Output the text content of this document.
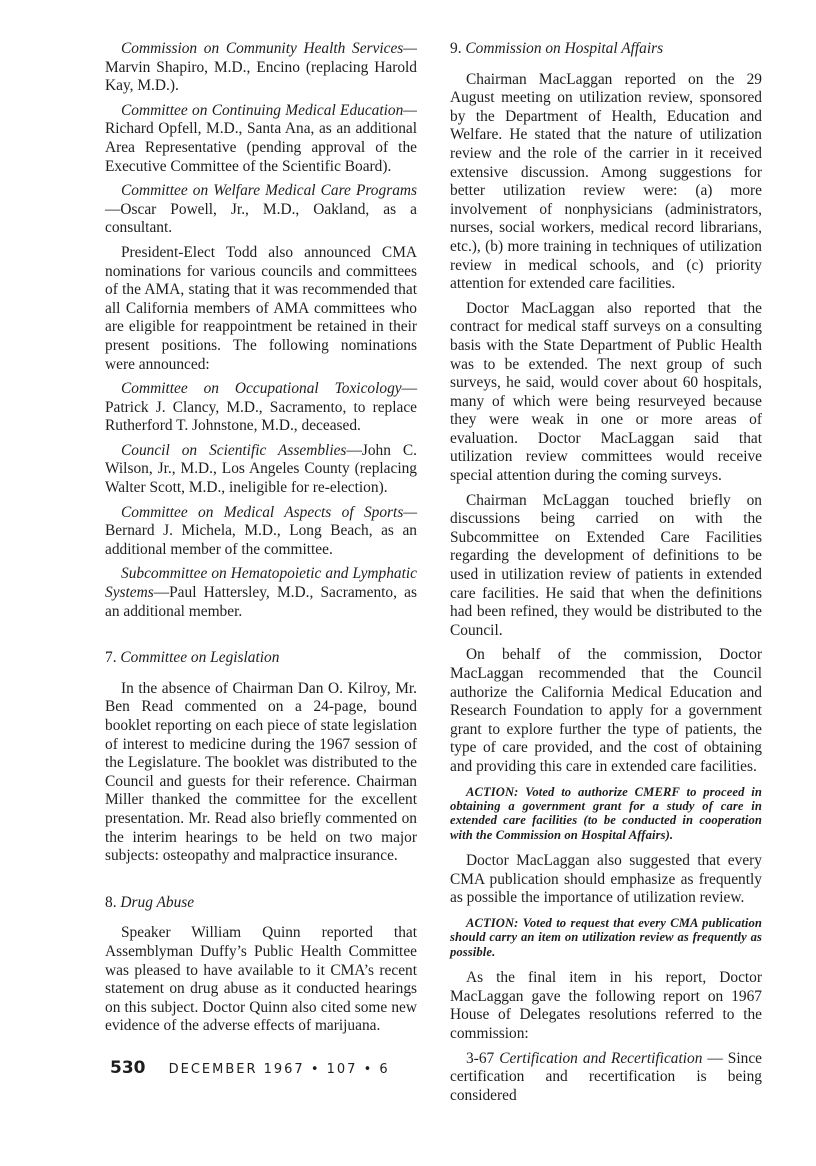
Commission on Community Health Services—Marvin Shapiro, M.D., Encino (replacing Harold Kay, M.D.).
Committee on Continuing Medical Education—Richard Opfell, M.D., Santa Ana, as an additional Area Representative (pending approval of the Executive Committee of the Scientific Board).
Committee on Welfare Medical Care Programs—Oscar Powell, Jr., M.D., Oakland, as a consultant.

President-Elect Todd also announced CMA nominations for various councils and committees of the AMA, stating that it was recommended that all California members of AMA committees who are eligible for reappointment be retained in their present positions. The following nominations were announced:

Committee on Occupational Toxicology—Patrick J. Clancy, M.D., Sacramento, to replace Rutherford T. Johnstone, M.D., deceased.
Council on Scientific Assemblies—John C. Wilson, Jr., M.D., Los Angeles County (replacing Walter Scott, M.D., ineligible for re-election).
Committee on Medical Aspects of Sports—Bernard J. Michela, M.D., Long Beach, as an additional member of the committee.
Subcommittee on Hematopoietic and Lymphatic Systems—Paul Hattersley, M.D., Sacramento, as an additional member.
7. Committee on Legislation

In the absence of Chairman Dan O. Kilroy, Mr. Ben Read commented on a 24-page, bound booklet reporting on each piece of state legislation of interest to medicine during the 1967 session of the Legislature. The booklet was distributed to the Council and guests for their reference. Chairman Miller thanked the committee for the excellent presentation. Mr. Read also briefly commented on the interim hearings to be held on two major subjects: osteopathy and malpractice insurance.

8. Drug Abuse

Speaker William Quinn reported that Assemblyman Duffy’s Public Health Committee was pleased to have available to it CMA’s recent statement on drug abuse as it conducted hearings on this subject. Doctor Quinn also cited some new evidence of the adverse effects of marijuana.

9. Commission on Hospital Affairs

Chairman MacLaggan reported on the 29 August meeting on utilization review, sponsored by the Department of Health, Education and Welfare. He stated that the nature of utilization review and the role of the carrier in it received extensive discussion. Among suggestions for better utilization review were: (a) more involvement of nonphysicians (administrators, nurses, social workers, medical record librarians, etc.), (b) more training in techniques of utilization review in medical schools, and (c) priority attention for extended care facilities.

Doctor MacLaggan also reported that the contract for medical staff surveys on a consulting basis with the State Department of Public Health was to be extended. The next group of such surveys, he said, would cover about 60 hospitals, many of which were being resurveyed because they were weak in one or more areas of evaluation. Doctor MacLaggan said that utilization review committees would receive special attention during the coming surveys.

Chairman McLaggan touched briefly on discussions being carried on with the Subcommittee on Extended Care Facilities regarding the development of definitions to be used in utilization review of patients in extended care facilities. He said that when the definitions had been refined, they would be distributed to the Council.

On behalf of the commission, Doctor MacLaggan recommended that the Council authorize the California Medical Education and Research Foundation to apply for a government grant to explore further the type of patients, the type of care provided, and the cost of obtaining and providing this care in extended care facilities.

ACTION: Voted to authorize CMERF to proceed in obtaining a government grant for a study of care in extended care facilities (to be conducted in cooperation with the Commission on Hospital Affairs).

Doctor MacLaggan also suggested that every CMA publication should emphasize as frequently as possible the importance of utilization review.

ACTION: Voted to request that every CMA publication should carry an item on utilization review as frequently as possible.

As the final item in his report, Doctor MacLaggan gave the following report on 1967 House of Delegates resolutions referred to the commission:

3-67 Certification and Recertification — Since certification and recertification is being considered
530 DECEMBER 1967 • 107 • 6
